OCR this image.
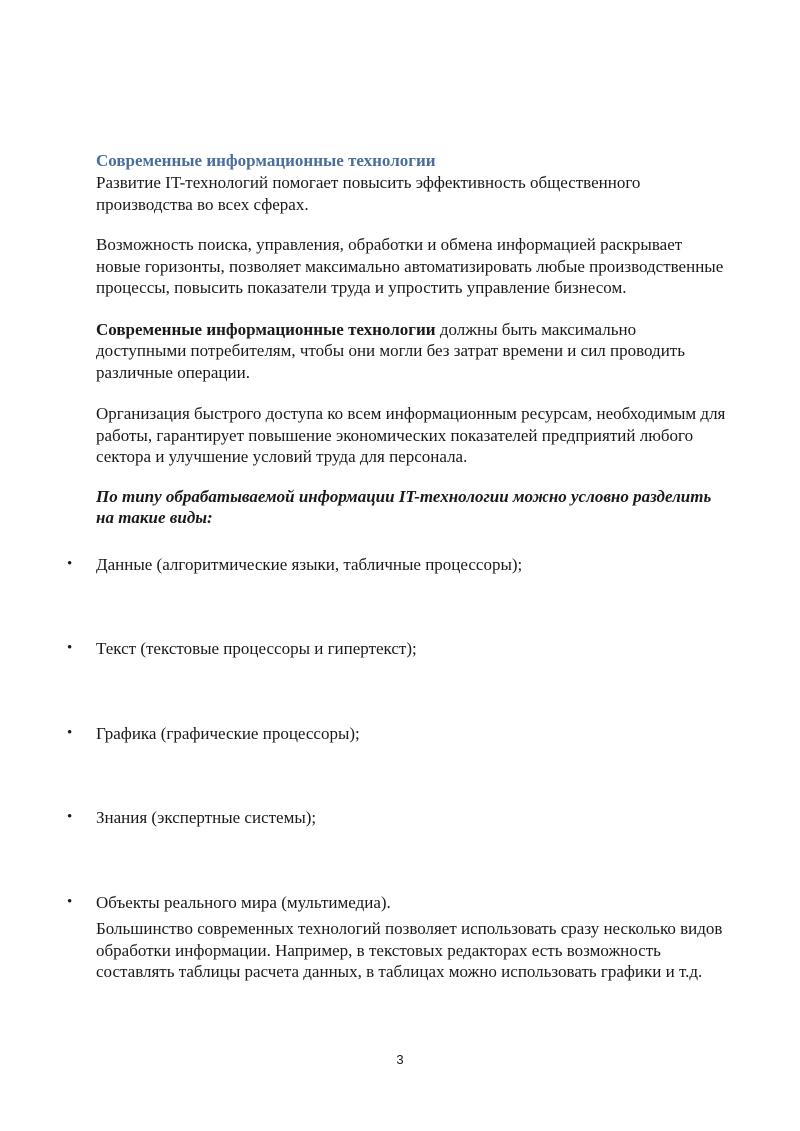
Современные информационные технологии

Развитие IT-технологий помогает повысить эффективность общественного производства во всех сферах.

Возможность поиска, управления, обработки и обмена информацией раскрывает новые горизонты, позволяет максимально автоматизировать любые производственные процессы, повысить показатели труда и упростить управление бизнесом.

Современные информационные технологии должны быть максимально доступными потребителям, чтобы они могли без затрат времени и сил проводить различные операции.

Организация быстрого доступа ко всем информационным ресурсам, необходимым для работы, гарантирует повышение экономических показателей предприятий любого сектора и улучшение условий труда для персонала.

По типу обрабатываемой информации IT-технологии можно условно разделить на такие виды:

• Данные (алгоритмические языки, табличные процессоры);
• Текст (текстовые процессоры и гипертекст);
• Графика (графические процессоры);
• Знания (экспертные системы);
• Объекты реального мира (мультимедиа).

Большинство современных технологий позволяет использовать сразу несколько видов обработки информации. Например, в текстовых редакторах есть возможность составлять таблицы расчета данных, в таблицах можно использовать графики и т.д.

3
